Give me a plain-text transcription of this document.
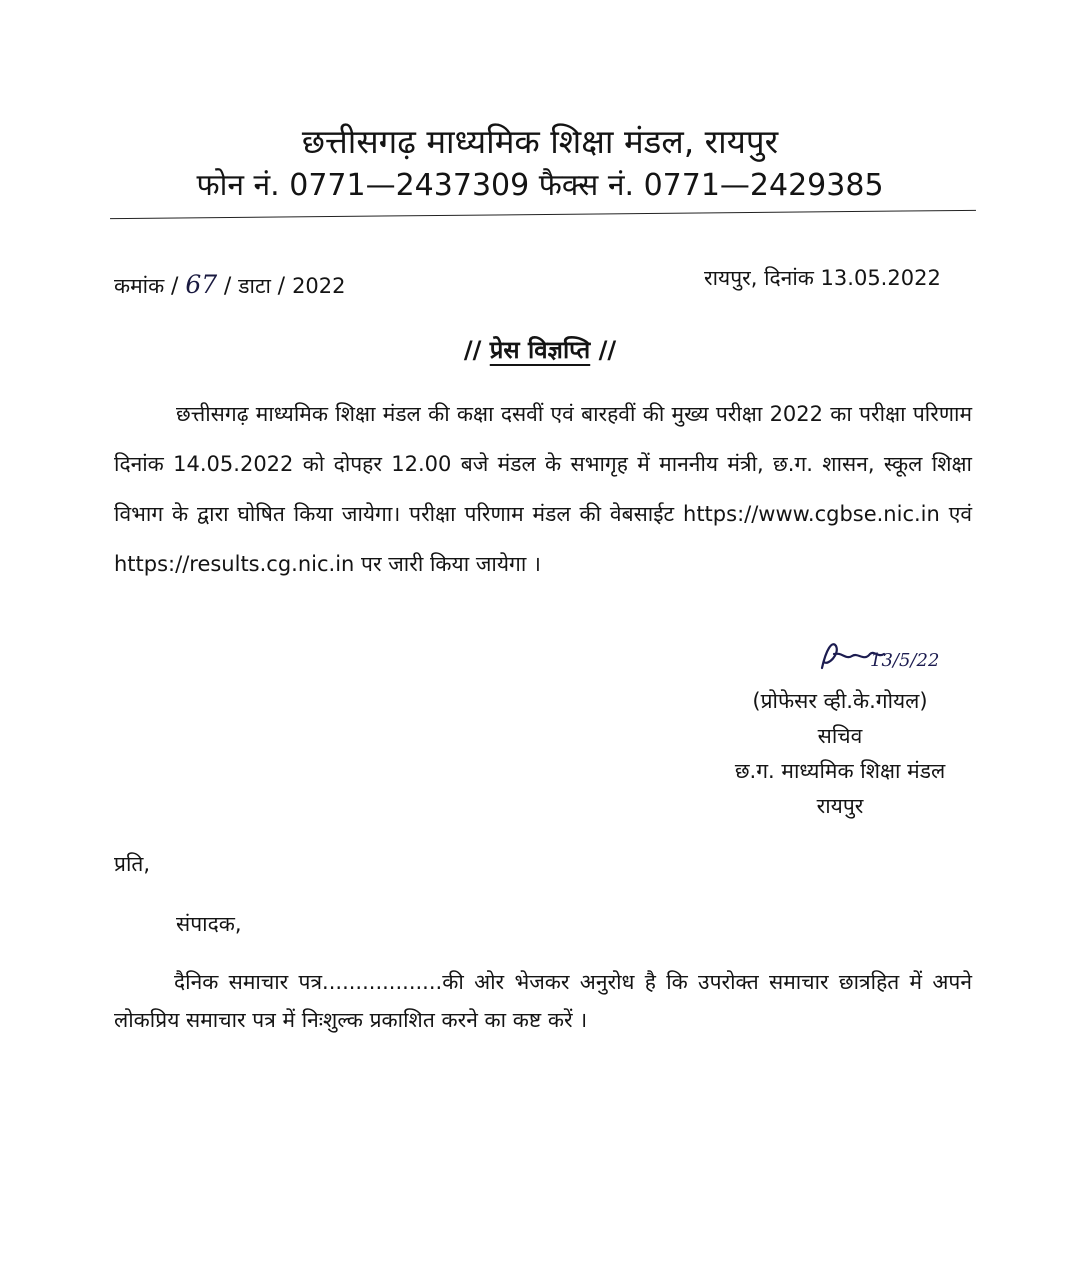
छत्तीसगढ़ माध्यमिक शिक्षा मंडल, रायपुर
फोन नं. 0771—2437309 फैक्स नं. 0771—2429385
कमांक / 67 / डाटा / 2022	रायपुर, दिनांक 13.05.2022
// प्रेस विज्ञप्ति //
छत्तीसगढ़ माध्यमिक शिक्षा मंडल की कक्षा दसवीं एवं बारहवीं की मुख्य परीक्षा 2022 का परीक्षा परिणाम दिनांक 14.05.2022 को दोपहर 12.00 बजे मंडल के सभागृह में माननीय मंत्री, छ.ग. शासन, स्कूल शिक्षा विभाग के द्वारा घोषित किया जायेगा। परीक्षा परिणाम मंडल की वेबसाईट https://www.cgbse.nic.in एवं https://results.cg.nic.in पर जारी किया जायेगा ।
13/5/22
(प्रोफेसर व्ही.के.गोयल)
सचिव
छ.ग. माध्यमिक शिक्षा मंडल
रायपुर
प्रति,
संपादक,
दैनिक समाचार पत्र..................की ओर भेजकर अनुरोध है कि उपरोक्त समाचार छात्रहित में अपने लोकप्रिय समाचार पत्र में निःशुल्क प्रकाशित करने का कष्ट करें ।
